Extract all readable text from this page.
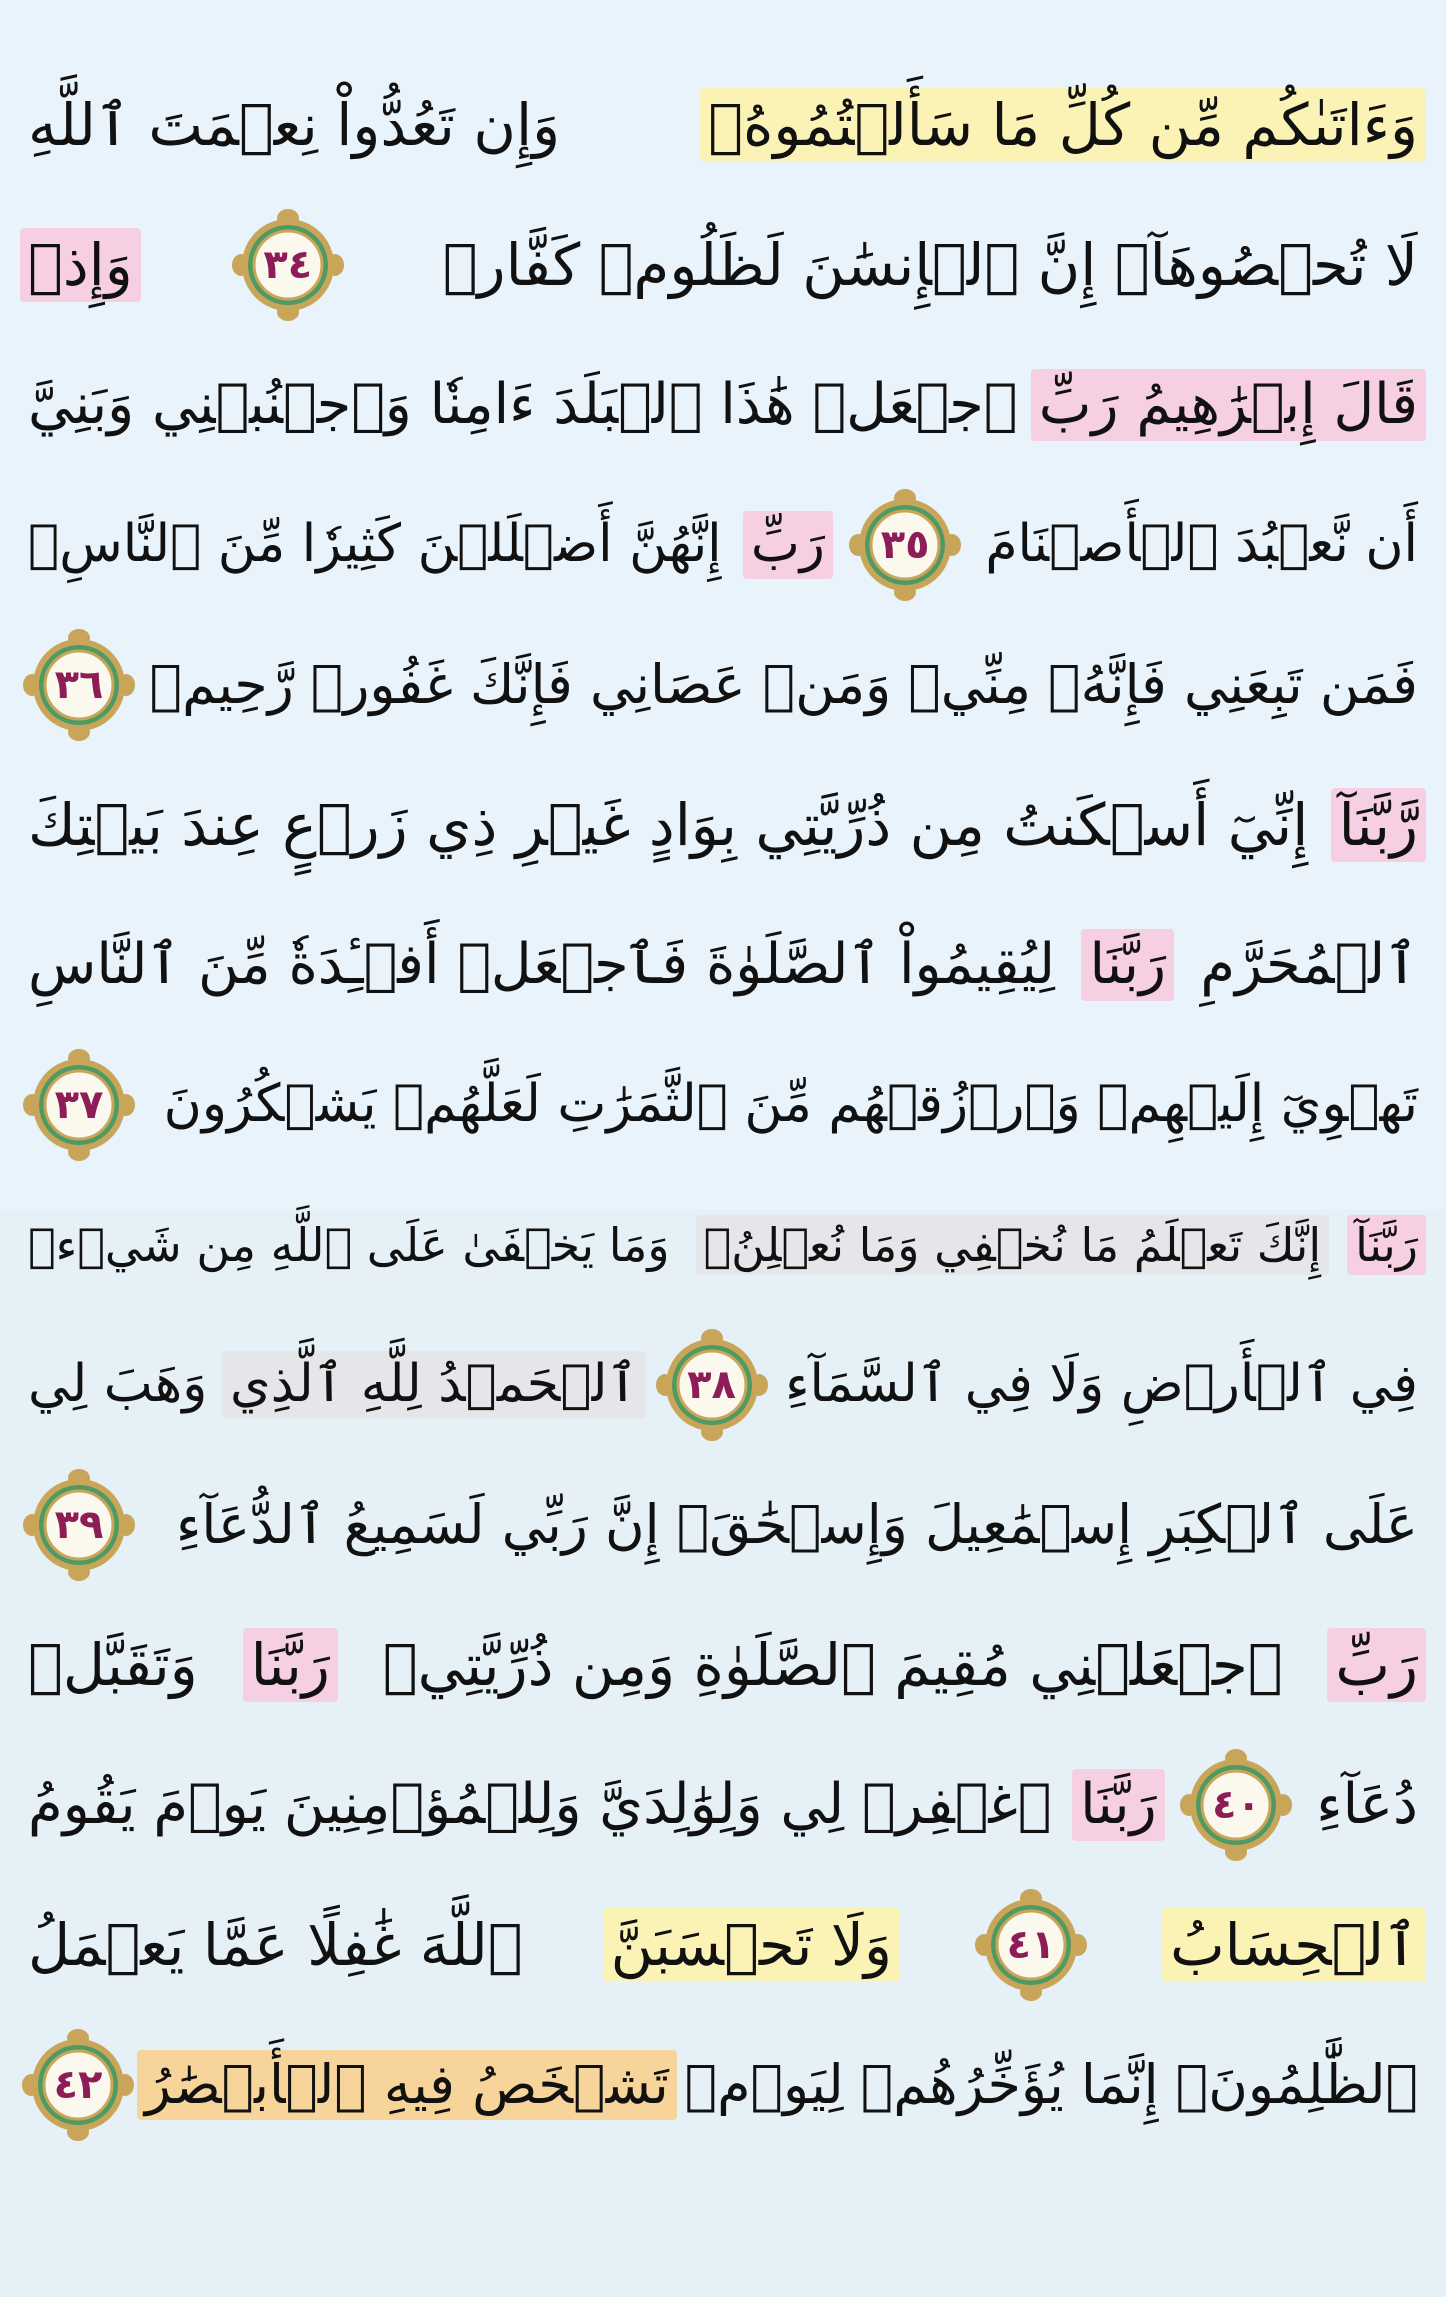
وَءَاتَىٰكُم مِّن كُلِّ مَا سَأَلۡتُمُوهُۚ
وَإِن تَعُدُّواْ نِعۡمَتَ ٱللَّهِ
لَا تُحۡصُوهَآۗ إِنَّ ٱلۡإِنسَٰنَ لَظَلُومٞ كَفَّارٞ
٣٤
وَإِذۡ
قَالَ إِبۡرَٰهِيمُ رَبِّ
ٱجۡعَلۡ هَٰذَا ٱلۡبَلَدَ ءَامِنٗا وَٱجۡنُبۡنِي وَبَنِيَّ
أَن نَّعۡبُدَ ٱلۡأَصۡنَامَ
٣٥
رَبِّ
إِنَّهُنَّ أَضۡلَلۡنَ كَثِيرٗا مِّنَ ٱلنَّاسِۖ
فَمَن تَبِعَنِي فَإِنَّهُۥ مِنِّيۖ وَمَنۡ عَصَانِي فَإِنَّكَ غَفُورٞ رَّحِيمٞ
٣٦
رَّبَّنَآ
إِنِّيٓ أَسۡكَنتُ مِن ذُرِّيَّتِي بِوَادٍ غَيۡرِ ذِي زَرۡعٍ عِندَ بَيۡتِكَ
ٱلۡمُحَرَّمِ
رَبَّنَا
لِيُقِيمُواْ ٱلصَّلَوٰةَ فَٱجۡعَلۡ أَفۡـِٔدَةٗ مِّنَ ٱلنَّاسِ
تَهۡوِيٓ إِلَيۡهِمۡ وَٱرۡزُقۡهُم مِّنَ ٱلثَّمَرَٰتِ لَعَلَّهُمۡ يَشۡكُرُونَ
٣٧
رَبَّنَآ
إِنَّكَ تَعۡلَمُ مَا نُخۡفِي وَمَا نُعۡلِنُۗ
وَمَا يَخۡفَىٰ عَلَى ٱللَّهِ مِن شَيۡءٖ
فِي ٱلۡأَرۡضِ وَلَا فِي ٱلسَّمَآءِ
٣٨
ٱلۡحَمۡدُ لِلَّهِ ٱلَّذِي
وَهَبَ لِي
عَلَى ٱلۡكِبَرِ إِسۡمَٰعِيلَ وَإِسۡحَٰقَۚ إِنَّ رَبِّي لَسَمِيعُ ٱلدُّعَآءِ
٣٩
رَبِّ
ٱجۡعَلۡنِي مُقِيمَ ٱلصَّلَوٰةِ وَمِن ذُرِّيَّتِيۚ
رَبَّنَا
وَتَقَبَّلۡ
دُعَآءِ
٤٠
رَبَّنَا
ٱغۡفِرۡ لِي وَلِوَٰلِدَيَّ وَلِلۡمُؤۡمِنِينَ يَوۡمَ يَقُومُ
ٱلۡحِسَابُ
٤١
وَلَا تَحۡسَبَنَّ
ٱللَّهَ غَٰفِلًا عَمَّا يَعۡمَلُ
ٱلظَّٰلِمُونَۚ إِنَّمَا يُؤَخِّرُهُمۡ لِيَوۡمٖ
تَشۡخَصُ فِيهِ ٱلۡأَبۡصَٰرُ
٤٢
